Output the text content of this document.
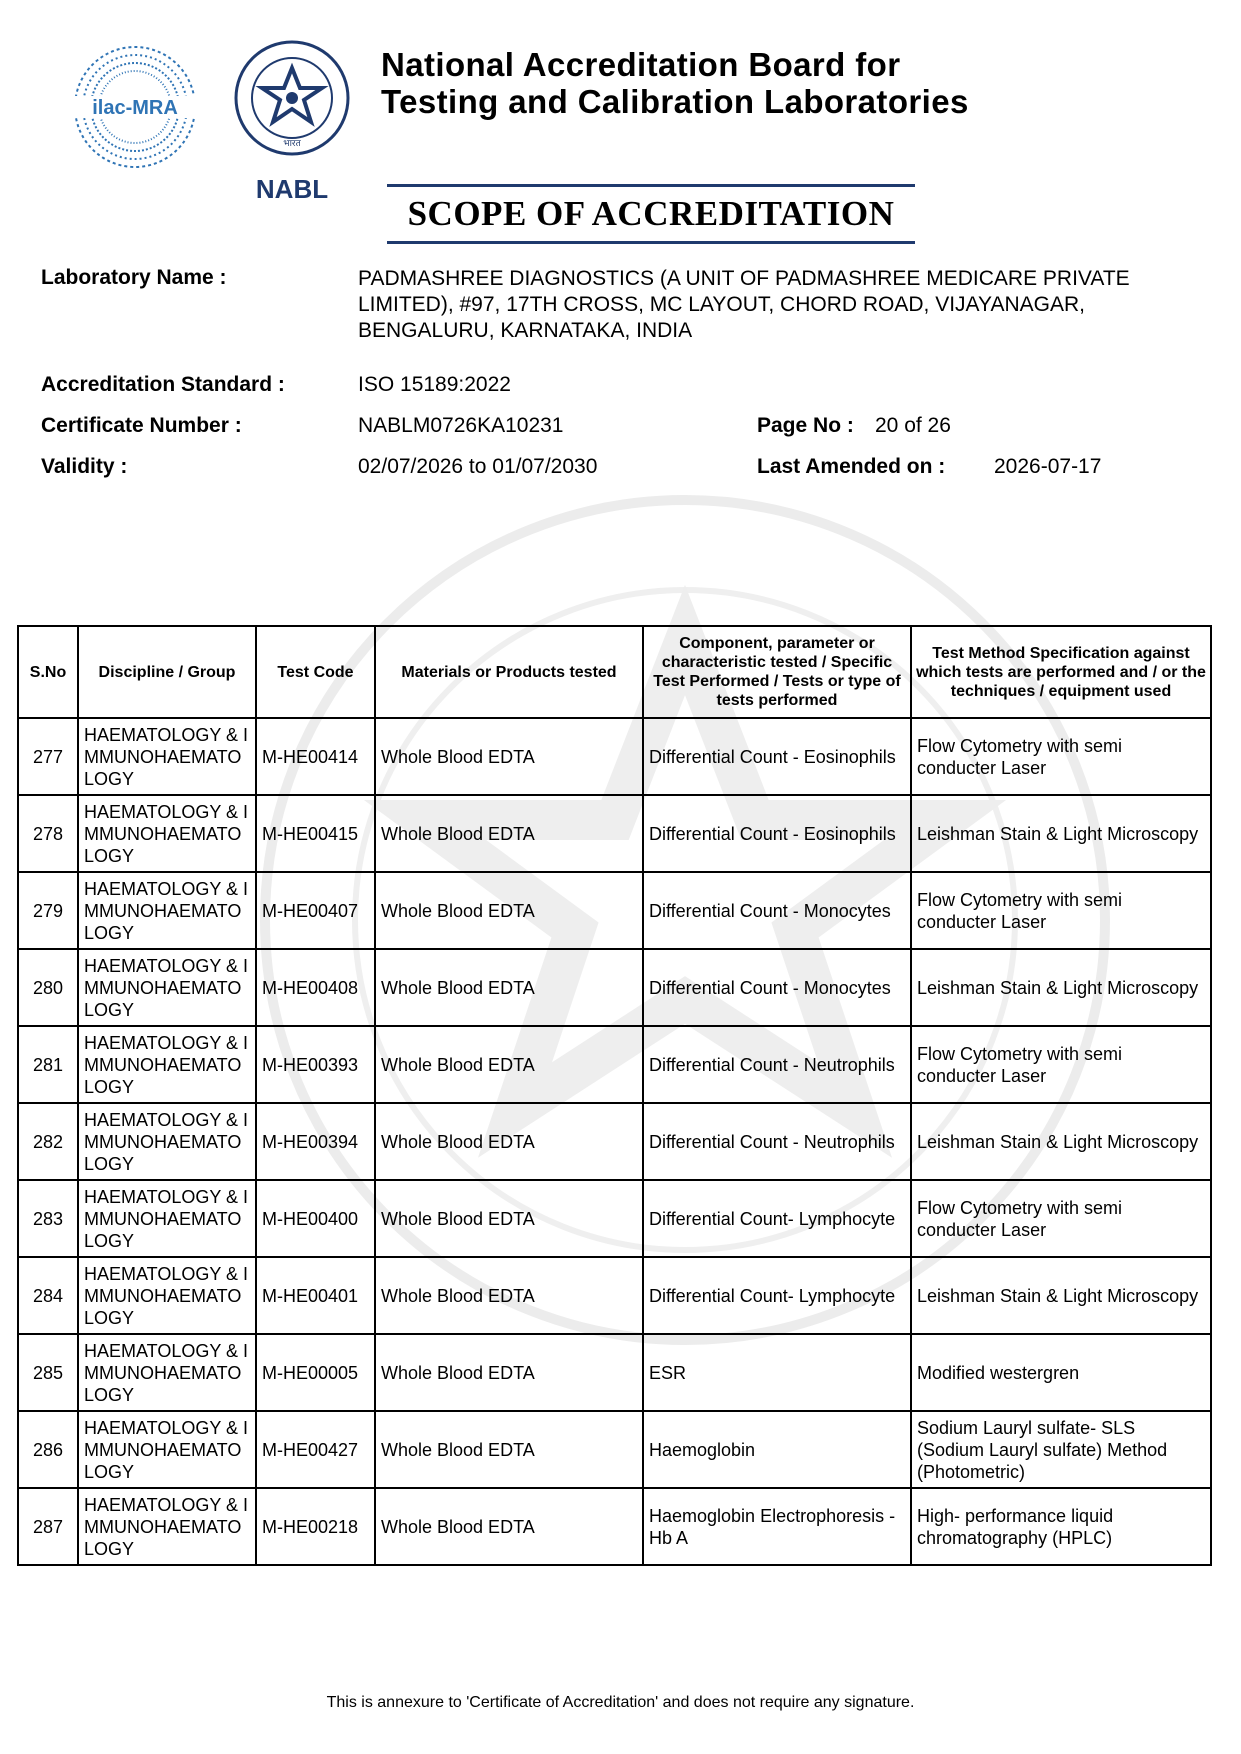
ilac-MRA
भारत
NABL
National Accreditation Board for
Testing and Calibration Laboratories
SCOPE OF ACCREDITATION
Laboratory Name :	PADMASHREE DIAGNOSTICS (A UNIT OF PADMASHREE MEDICARE PRIVATE LIMITED), #97, 17TH CROSS, MC LAYOUT, CHORD ROAD, VIJAYANAGAR, BENGALURU, KARNATAKA, INDIA
Accreditation Standard :	ISO 15189:2022
Certificate Number :	NABLM0726KA10231	Page No : 20 of 26
Validity :	02/07/2026 to 01/07/2030	Last Amended on : 2026-07-17
S.No	Discipline / Group	Test Code	Materials or Products tested	Component, parameter or characteristic tested / Specific Test Performed / Tests or type of tests performed	Test Method Specification against which tests are performed and / or the techniques / equipment used
277	HAEMATOLOGY & IMMUNOHAEMATOLOGY	M-HE00414	Whole Blood EDTA	Differential Count - Eosinophils	Flow Cytometry with semi conducter Laser
278	HAEMATOLOGY & IMMUNOHAEMATOLOGY	M-HE00415	Whole Blood EDTA	Differential Count - Eosinophils	Leishman Stain & Light Microscopy
279	HAEMATOLOGY & IMMUNOHAEMATOLOGY	M-HE00407	Whole Blood EDTA	Differential Count - Monocytes	Flow Cytometry with semi conducter Laser
280	HAEMATOLOGY & IMMUNOHAEMATOLOGY	M-HE00408	Whole Blood EDTA	Differential Count - Monocytes	Leishman Stain & Light Microscopy
281	HAEMATOLOGY & IMMUNOHAEMATOLOGY	M-HE00393	Whole Blood EDTA	Differential Count - Neutrophils	Flow Cytometry with semi conducter Laser
282	HAEMATOLOGY & IMMUNOHAEMATOLOGY	M-HE00394	Whole Blood EDTA	Differential Count - Neutrophils	Leishman Stain & Light Microscopy
283	HAEMATOLOGY & IMMUNOHAEMATOLOGY	M-HE00400	Whole Blood EDTA	Differential Count- Lymphocyte	Flow Cytometry with semi conducter Laser
284	HAEMATOLOGY & IMMUNOHAEMATOLOGY	M-HE00401	Whole Blood EDTA	Differential Count- Lymphocyte	Leishman Stain & Light Microscopy
285	HAEMATOLOGY & IMMUNOHAEMATOLOGY	M-HE00005	Whole Blood EDTA	ESR	Modified westergren
286	HAEMATOLOGY & IMMUNOHAEMATOLOGY	M-HE00427	Whole Blood EDTA	Haemoglobin	Sodium Lauryl sulfate- SLS (Sodium Lauryl sulfate) Method (Photometric)
287	HAEMATOLOGY & IMMUNOHAEMATOLOGY	M-HE00218	Whole Blood EDTA	Haemoglobin Electrophoresis - Hb A	High- performance liquid chromatography (HPLC)
This is annexure to 'Certificate of Accreditation' and does not require any signature.
